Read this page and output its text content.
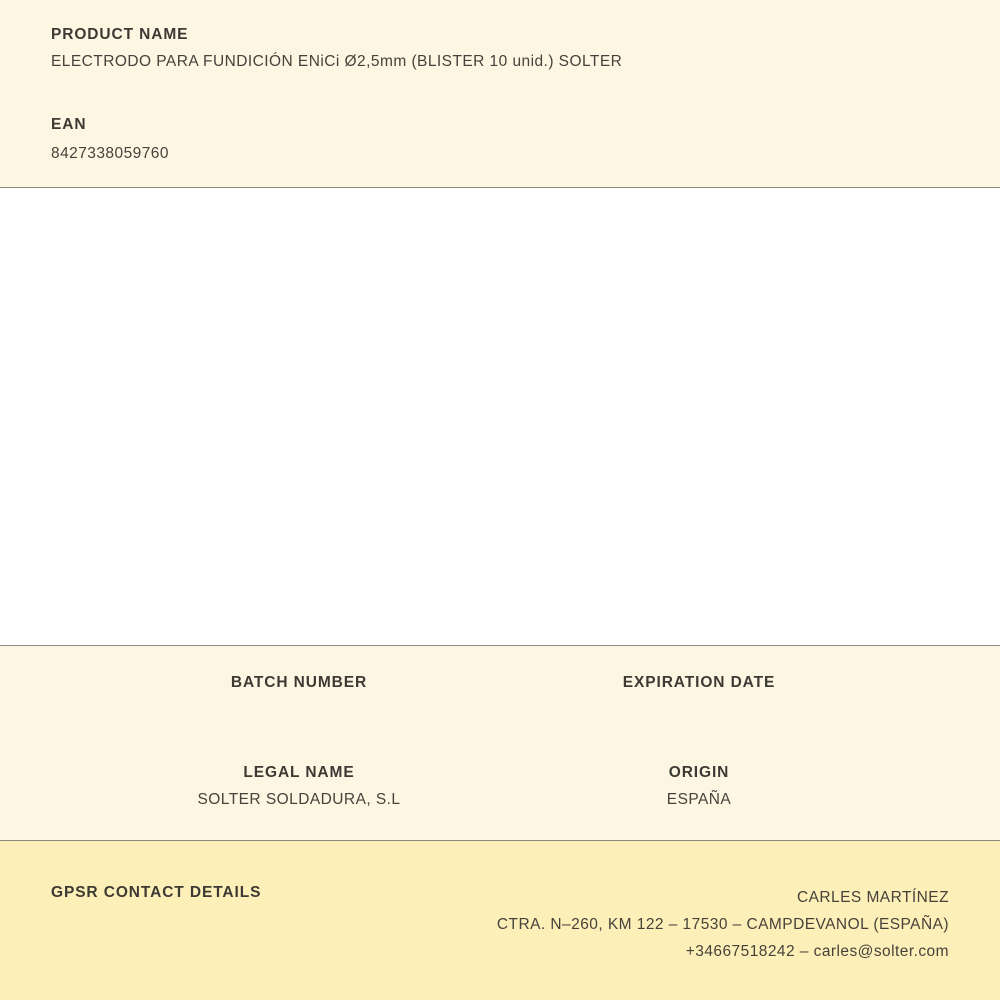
PRODUCT NAME
ELECTRODO PARA FUNDICIÓN ENiCi Ø2,5mm (BLISTER 10 unid.) SOLTER
EAN
8427338059760
BATCH NUMBER	EXPIRATION DATE
LEGAL NAME
SOLTER SOLDADURA, S.L
ORIGIN
ESPAÑA
GPSR CONTACT DETAILS	CARLES MARTÍNEZ
CTRA. N–260, KM 122 – 17530 – CAMPDEVANOL (ESPAÑA)
+34667518242 – carles@solter.com
